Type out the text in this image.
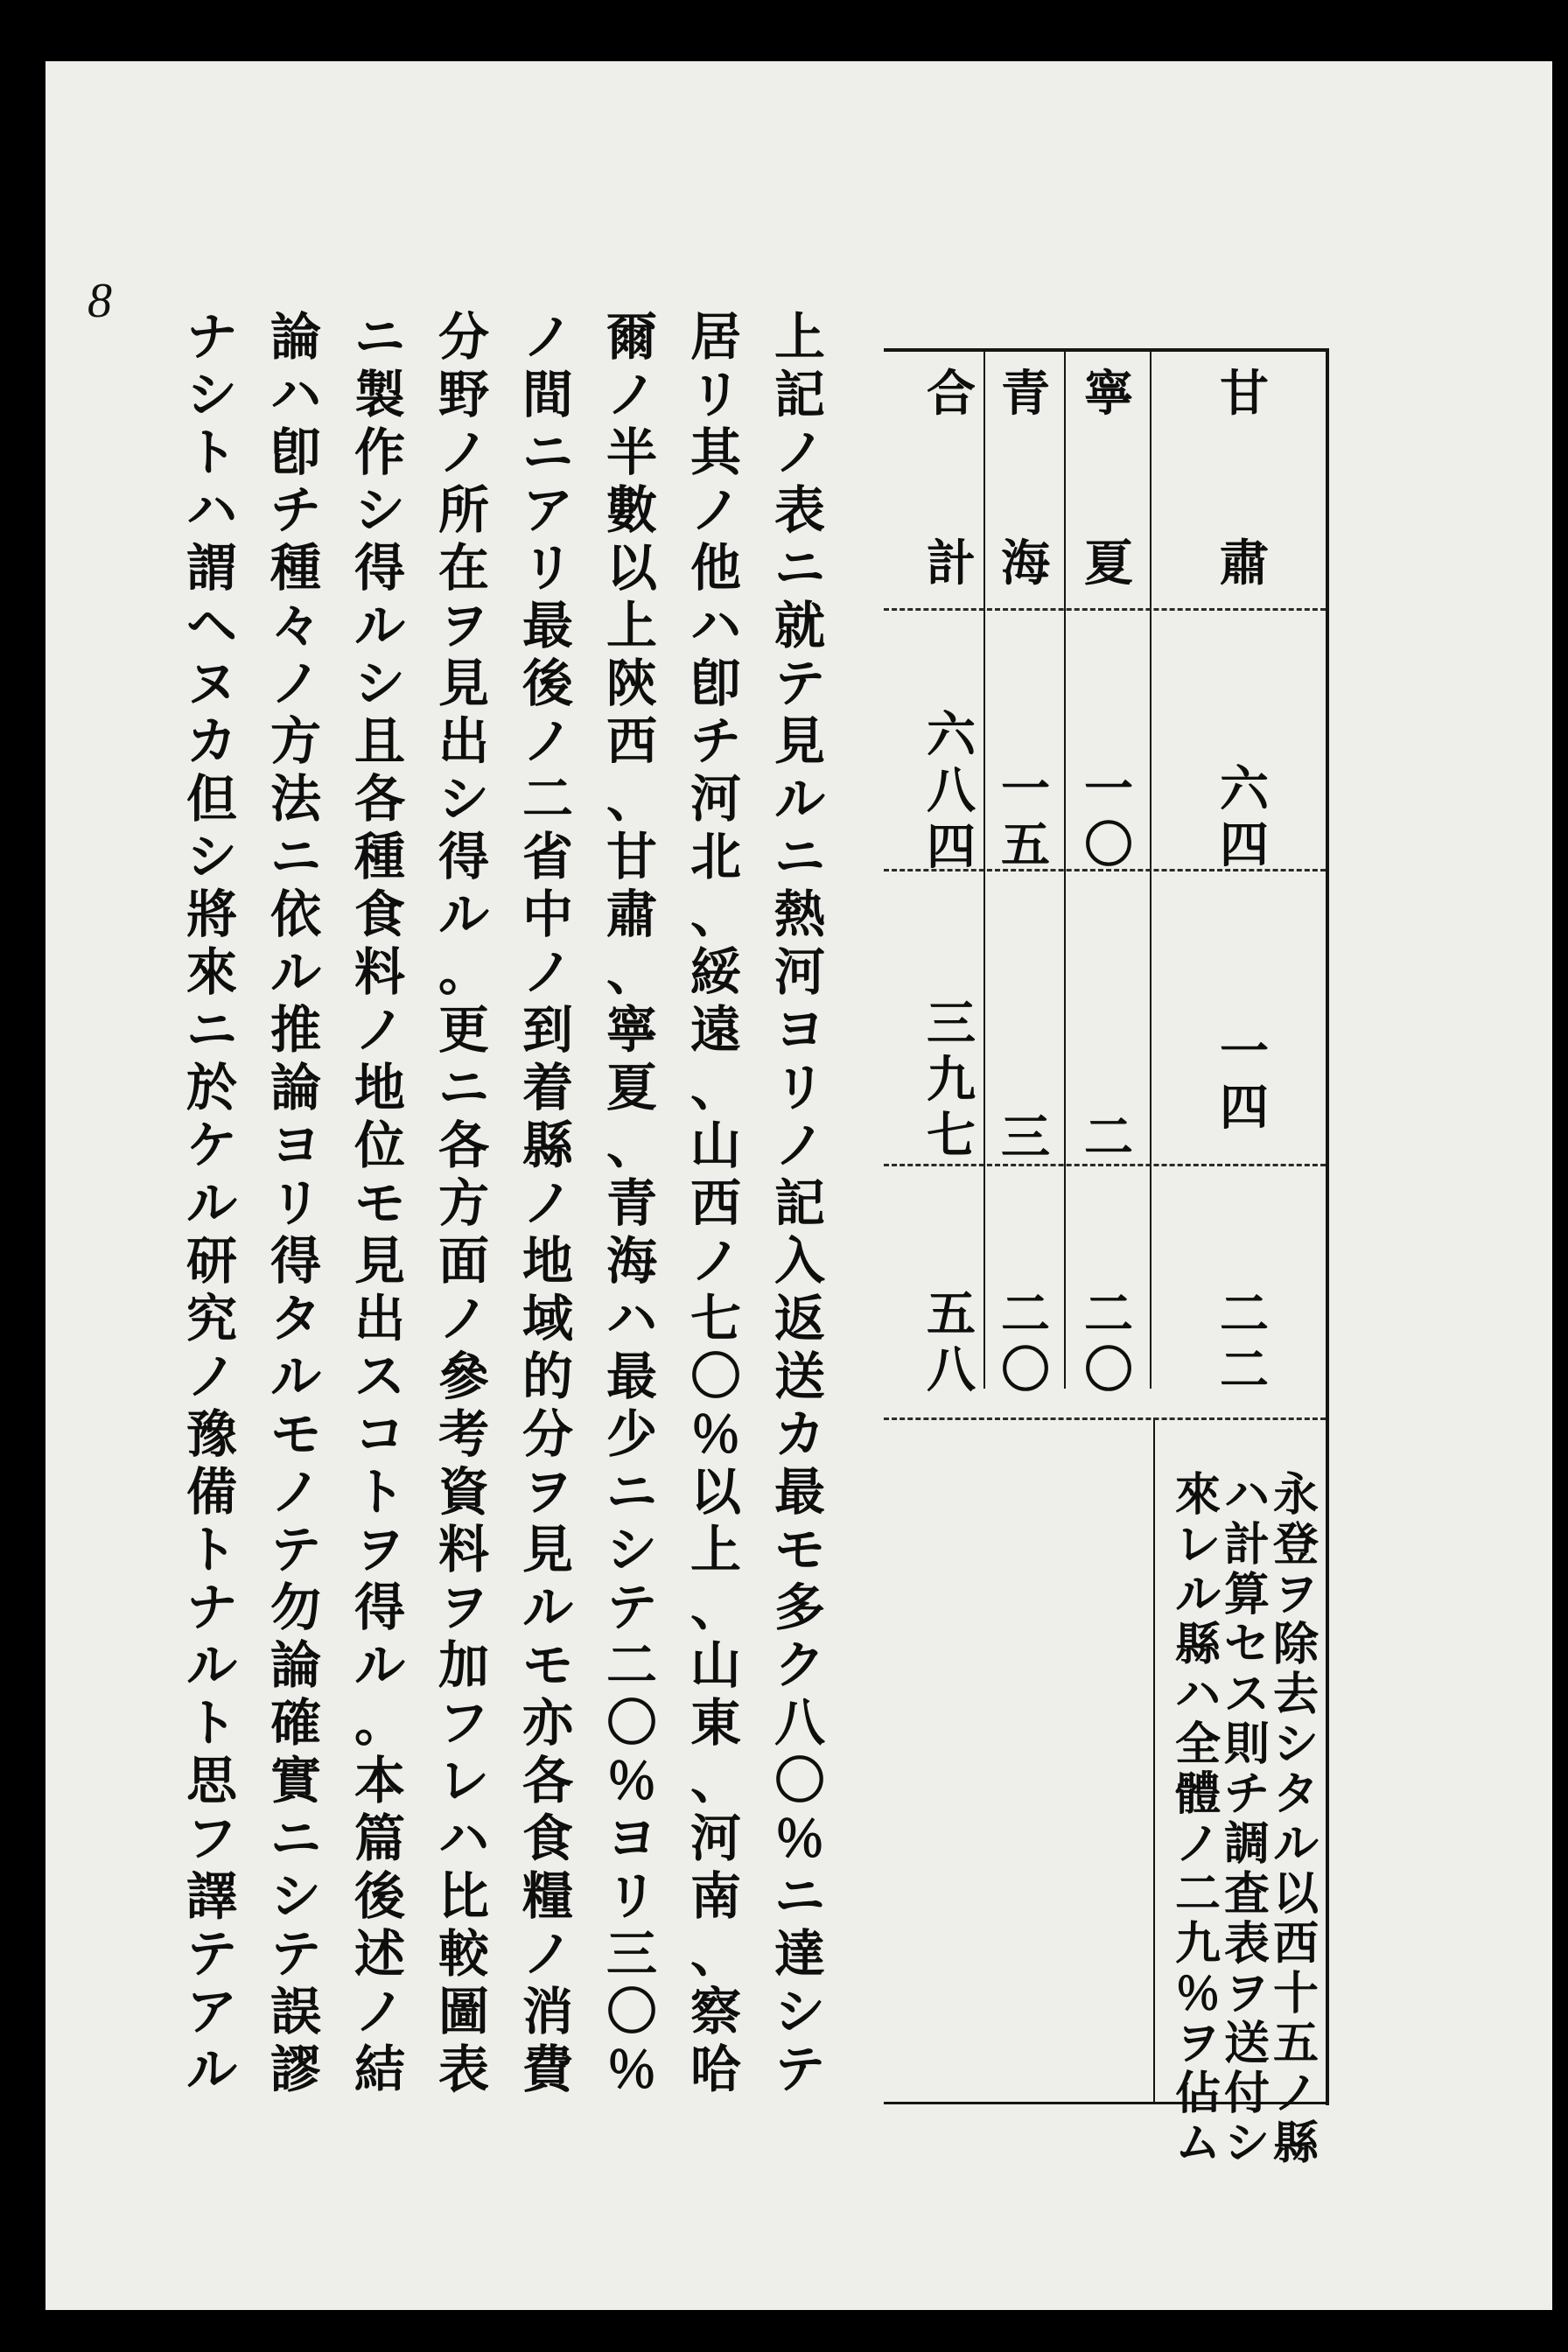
8
上
記
ノ
表
ニ
就
テ
見
ル
ニ
熱
河
ヨ
リ
ノ
記
入
返
送
カ
最
モ
多
ク
八
〇
％
ニ
達
シ
テ
居
リ
其
ノ
他
ハ
卽
チ
河
北
、
綏
遠
、
山
西
ノ
七
〇
％
以
上
、
山
東
、
河
南
、
察
哈
爾
ノ
半
數
以
上
陝
西
、
甘
肅
、
寧
夏
、
青
海
ハ
最
少
ニ
シ
テ
二
〇
％
ヨ
リ
三
〇
％
ノ
間
ニ
ア
リ
最
後
ノ
二
省
中
ノ
到
着
縣
ノ
地
域
的
分
ヲ
見
ル
モ
亦
各
食
糧
ノ
消
費
分
野
ノ
所
在
ヲ
見
出
シ
得
ル
。
更
ニ
各
方
面
ノ
參
考
資
料
ヲ
加
フ
レ
ハ
比
較
圖
表
ニ
製
作
シ
得
ル
シ
且
各
種
食
料
ノ
地
位
モ
見
出
ス
コ
ト
ヲ
得
ル
。
本
篇
後
述
ノ
結
論
ハ
卽
チ
種
々
ノ
方
法
ニ
依
ル
推
論
ヨ
リ
得
タ
ル
モ
ノ
テ
勿
論
確
實
ニ
シ
テ
誤
謬
ナ
シ
ト
ハ
謂
ヘ
ヌ
カ
但
シ
將
來
ニ
於
ケ
ル
研
究
ノ
豫
備
ト
ナ
ル
ト
思
フ
譯
テ
ア
ル
甘
肅
寧
夏
青
海
合
計
六
四
一
〇
一
五
六
八
四
一
四
二
三
三
九
七
二
二
二
〇
二
〇
五
八
永
登
ヲ
除
去
シ
タ
ル
以
西
十
五
ノ
縣
ハ
計
算
セ
ス
則
チ
調
査
表
ヲ
送
付
シ
來
レ
ル
縣
ハ
全
體
ノ
二
九
％
ヲ
佔
ム
